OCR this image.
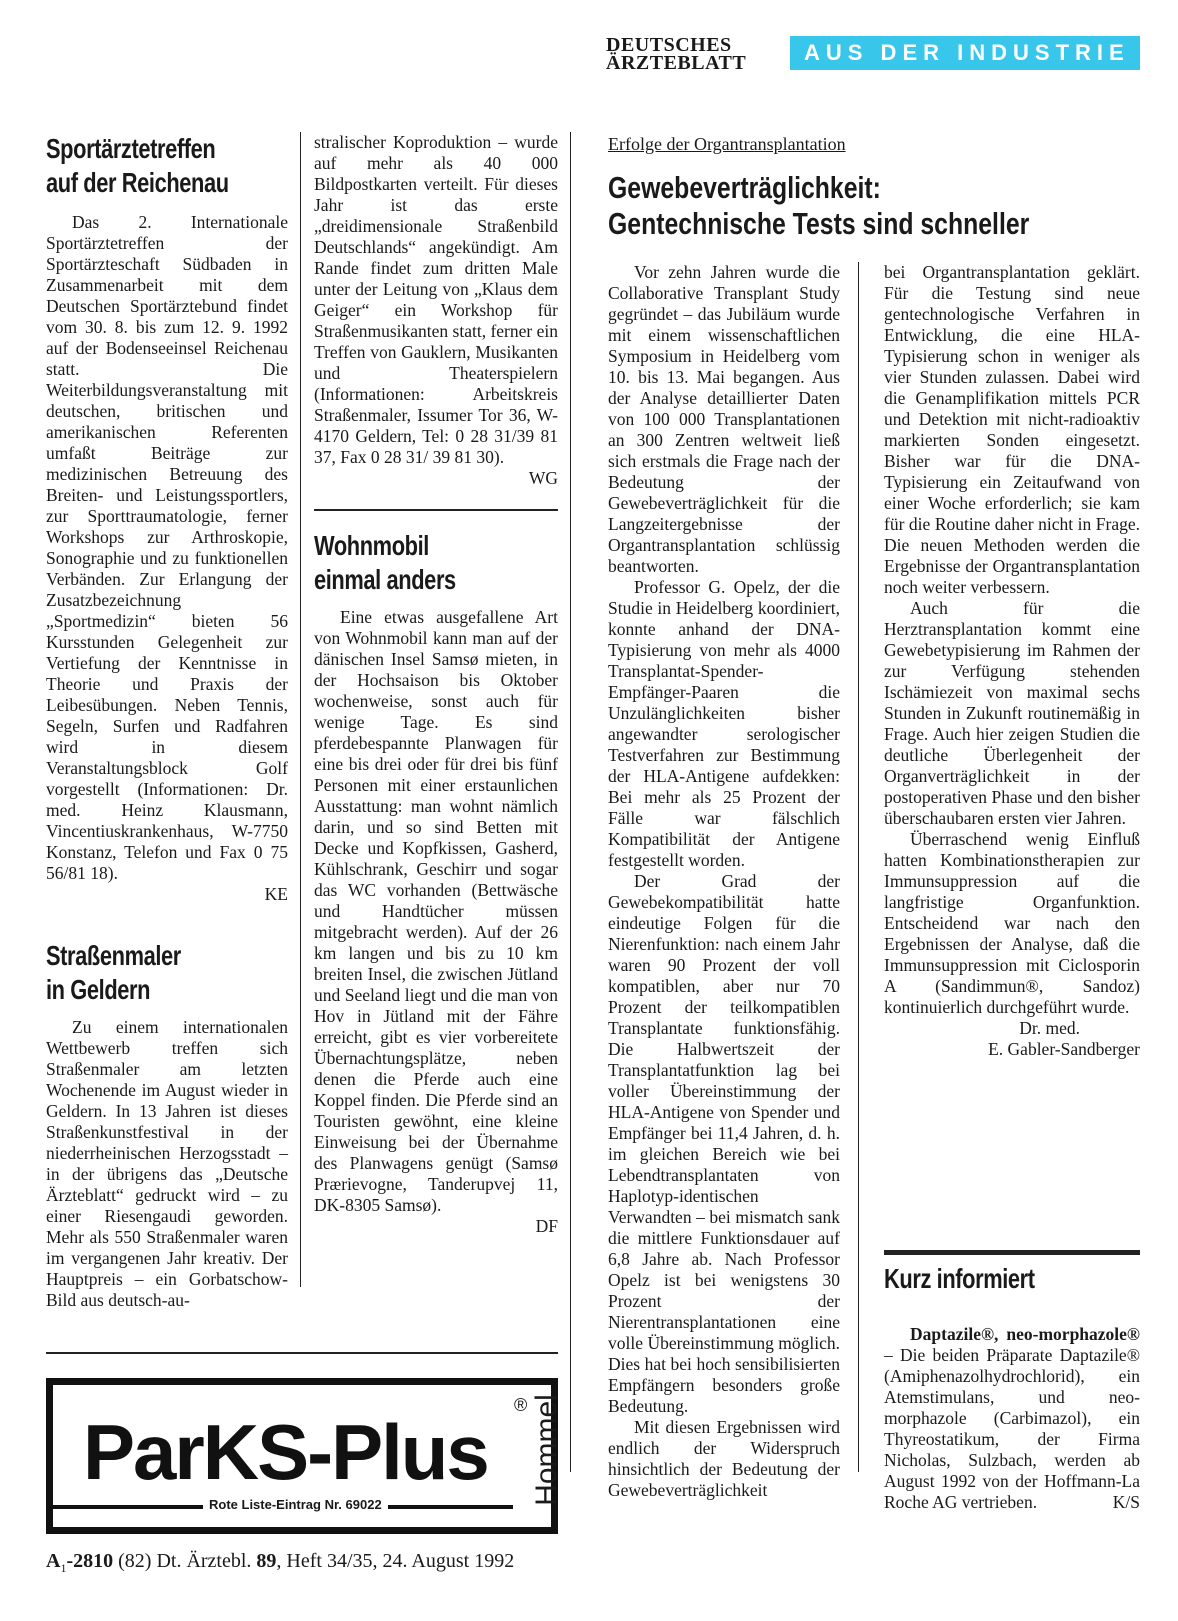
DEUTSCHES
ÄRZTEBLATT	AUS DER INDUSTRIE
Sportärztetreffen
auf der Reichenau

Das 2. Internationale Sportärztetreffen der Sportärzteschaft Südbaden in Zusammenarbeit mit dem Deutschen Sportärztebund findet vom 30. 8. bis zum 12. 9. 1992 auf der Bodenseeinsel Reichenau statt. Die Weiterbildungsveranstaltung mit deutschen, britischen und amerikanischen Referenten umfaßt Beiträge zur medizinischen Betreuung des Breiten- und Leistungssportlers, zur Sporttraumatologie, ferner Workshops zur Arthroskopie, Sonographie und zu funktionellen Verbänden. Zur Erlangung der Zusatzbezeichnung „Sportmedizin“ bieten 56 Kursstunden Gelegenheit zur Vertiefung der Kenntnisse in Theorie und Praxis der Leibesübungen. Neben Tennis, Segeln, Surfen und Radfahren wird in diesem Veranstaltungsblock Golf vorgestellt (Informationen: Dr. med. Heinz Klausmann, Vincentiuskrankenhaus, W-7750 Konstanz, Telefon und Fax 0 75 56/81 18).

KE

Straßenmaler
in Geldern

Zu einem internationalen Wettbewerb treffen sich Straßenmaler am letzten Wochenende im August wieder in Geldern. In 13 Jahren ist dieses Straßenkunstfestival in der niederrheinischen Herzogsstadt – in der übrigens das „Deutsche Ärzteblatt“ gedruckt wird – zu einer Riesengaudi geworden. Mehr als 550 Straßenmaler waren im vergangenen Jahr kreativ. Der Hauptpreis – ein Gorbatschow-Bild aus deutsch-au-

stralischer Koproduktion – wurde auf mehr als 40 000 Bildpostkarten verteilt. Für dieses Jahr ist das erste „dreidimensionale Straßenbild Deutschlands“ angekündigt. Am Rande findet zum dritten Male unter der Leitung von „Klaus dem Geiger“ ein Workshop für Straßenmusikanten statt, ferner ein Treffen von Gauklern, Musikanten und Theaterspielern (Informationen: Arbeitskreis Straßenmaler, Issumer Tor 36, W-4170 Geldern, Tel: 0 28 31/39 81 37, Fax 0 28 31/ 39 81 30).

WG

Wohnmobil
einmal anders

Eine etwas ausgefallene Art von Wohnmobil kann man auf der dänischen Insel Samsø mieten, in der Hochsaison bis Oktober wochenweise, sonst auch für wenige Tage. Es sind pferdebespannte Planwagen für eine bis drei oder für drei bis fünf Personen mit einer erstaunlichen Ausstattung: man wohnt nämlich darin, und so sind Betten mit Decke und Kopfkissen, Gasherd, Kühlschrank, Geschirr und sogar das WC vorhanden (Bettwäsche und Handtücher müssen mitgebracht werden). Auf der 26 km langen und bis zu 10 km breiten Insel, die zwischen Jütland und Seeland liegt und die man von Hov in Jütland mit der Fähre erreicht, gibt es vier vorbereitete Übernachtungsplätze, neben denen die Pferde auch eine Koppel finden. Die Pferde sind an Touristen gewöhnt, eine kleine Einweisung bei der Übernahme des Planwagens genügt (Samsø Prærievogne, Tanderupvej 11, DK-8305 Samsø).

DF

Erfolge der Organtransplantation
Gewebeverträglichkeit:
Gentechnische Tests sind schneller

Vor zehn Jahren wurde die Collaborative Transplant Study gegründet – das Jubiläum wurde mit einem wissenschaftlichen Symposium in Heidelberg vom 10. bis 13. Mai begangen. Aus der Analyse detaillierter Daten von 100 000 Transplantationen an 300 Zentren weltweit ließ sich erstmals die Frage nach der Bedeutung der Gewebeverträglichkeit für die Langzeitergebnisse der Organtransplantation schlüssig beantworten.

Professor G. Opelz, der die Studie in Heidelberg koordiniert, konnte anhand der DNA-Typisierung von mehr als 4000 Transplantat-Spender-Empfänger-Paaren die Unzulänglichkeiten bisher angewandter serologischer Testverfahren zur Bestimmung der HLA-Antigene aufdekken: Bei mehr als 25 Prozent der Fälle war fälschlich Kompatibilität der Antigene festgestellt worden.

Der Grad der Gewebekompatibilität hatte eindeutige Folgen für die Nierenfunktion: nach einem Jahr waren 90 Prozent der voll kompatiblen, aber nur 70 Prozent der teilkompatiblen Transplantate funktionsfähig. Die Halbwertszeit der Transplantatfunktion lag bei voller Übereinstimmung der HLA-Antigene von Spender und Empfänger bei 11,4 Jahren, d. h. im gleichen Bereich wie bei Lebendtransplantaten von Haplotyp-identischen Verwandten – bei mismatch sank die mittlere Funktionsdauer auf 6,8 Jahre ab. Nach Professor Opelz ist bei wenigstens 30 Prozent der Nierentransplantationen eine volle Übereinstimmung möglich. Dies hat bei hoch sensibilisierten Empfängern besonders große Bedeutung.

Mit diesen Ergebnissen wird endlich der Widerspruch hinsichtlich der Bedeutung der Gewebeverträglichkeit

bei Organtransplantation geklärt. Für die Testung sind neue gentechnologische Verfahren in Entwicklung, die eine HLA-Typisierung schon in weniger als vier Stunden zulassen. Dabei wird die Genamplifikation mittels PCR und Detektion mit nicht-radioaktiv markierten Sonden eingesetzt. Bisher war für die DNA-Typisierung ein Zeitaufwand von einer Woche erforderlich; sie kam für die Routine daher nicht in Frage. Die neuen Methoden werden die Ergebnisse der Organtransplantation noch weiter verbessern.

Auch für die Herztransplantation kommt eine Gewebetypisierung im Rahmen der zur Verfügung stehenden Ischämiezeit von maximal sechs Stunden in Zukunft routinemäßig in Frage. Auch hier zeigen Studien die deutliche Überlegenheit der Organverträglichkeit in der postoperativen Phase und den bisher überschaubaren ersten vier Jahren.

Überraschend wenig Einfluß hatten Kombinationstherapien zur Immunsuppression auf die langfristige Organfunktion. Entscheidend war nach den Ergebnissen der Analyse, daß die Immunsuppression mit Ciclosporin A (Sandimmun®, Sandoz) kontinuierlich durchgeführt wurde.

Dr. med.

E. Gabler-Sandberger

Kurz informiert

Daptazile®, neo-morphazole® – Die beiden Präparate Daptazile® (Amiphenazolhydrochlorid), ein Atemstimulans, und neo-morphazole (Carbimazol), ein Thyreostatikum, der Firma Nicholas, Sulzbach, werden ab August 1992 von der Hoffmann-La Roche AG vertrieben.	K/S

ParKS-Plus
® Hommel
Rote Liste-Eintrag Nr. 69022
$A_1-2810$ (82) Dt. Ärztebl. 89, Heft 34/35, 24. August 1992
